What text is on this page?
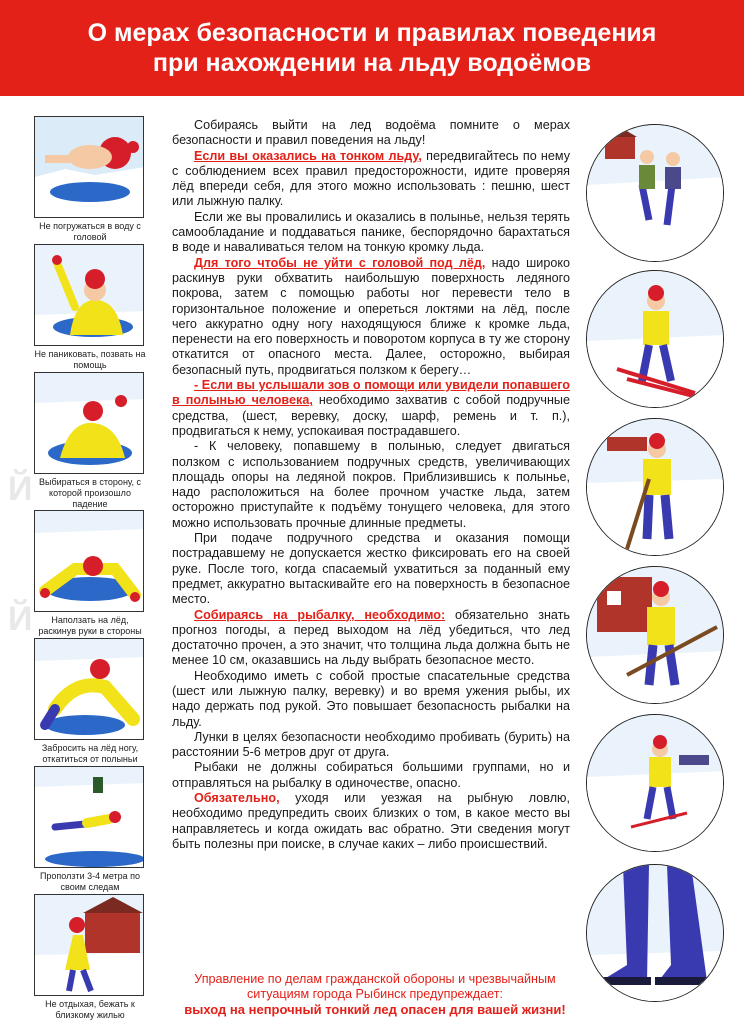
Й
Й
О мерах безопасности и правилах поведения
при нахождении на льду водоёмов
Не погружаться в воду с головой
Не паниковать, позвать на помощь
Выбираться в сторону, с которой произошло падение
Наползать на лёд, раскинув руки в стороны
Забросить на лёд ногу, откатиться от полыньи
Проползти 3-4 метра по своим следам
Не отдыхая, бежать к близкому жилью

Собираясь выйти на лед водоёма помните о мерах безопасности и правил поведения на льду!

Если вы оказались на тонком льду, передвигайтесь по нему с соблюдением всех правил предосторожности, идите проверяя лёд впереди себя, для этого можно использовать : пешню, шест или лыжную палку.

Если же вы провалились и оказались в полынье, нельзя терять самообладание и поддаваться панике, беспорядочно барахтаться в воде и наваливаться телом на тонкую кромку льда.

Для того чтобы не уйти с головой под лёд, надо широко раскинув руки обхватить наибольшую поверхность ледяного покрова, затем с помощью работы ног перевести тело в горизонтальное положение и опереться локтями на лёд, после чего аккуратно одну ногу находящуюся ближе к кромке льда, перенести на его поверхность и поворотом корпуса в ту же сторону откатится от опасного места. Далее, осторожно, выбирая безопасный путь, продвигаться ползком к берегу…

- Если вы услышали зов о помощи или увидели попавшего в полынью человека, необходимо захватив с собой подручные средства, (шест, веревку, доску, шарф, ремень и т. п.), продвигаться к нему, успокаивая пострадавшего.

- К человеку, попавшему в полынью, следует двигаться ползком с использованием подручных средств, увеличивающих площадь опоры на ледяной покров. Приблизившись к полынье, надо расположиться на более прочном участке льда, затем осторожно приступайте к подъёму тонущего человека, для этого можно использовать прочные длинные предметы.

При подаче подручного средства и оказания помощи пострадавшему не допускается жестко фиксировать его на своей руке. После того, когда спасаемый ухватиться за поданный ему предмет, аккуратно вытаскивайте его на поверхность в безопасное место.

Собираясь на рыбалку, необходимо: обязательно знать прогноз погоды, а перед выходом на лёд убедиться, что лед достаточно прочен, а это значит, что толщина льда должна быть не менее 10 см, оказавшись на льду выбрать безопасное место.

Необходимо иметь с собой простые спасательные средства (шест или лыжную палку, веревку) и во время ужения рыбы, их надо держать под рукой. Это повышает безопасность рыбалки на льду.

Лунки в целях безопасности необходимо пробивать (бурить) на расстоянии 5-6 метров друг от друга.

Рыбаки не должны собираться большими группами, но и отправляться на рыбалку в одиночестве, опасно.

Обязательно, уходя или уезжая на рыбную ловлю, необходимо предупредить своих близких о том, в какое место вы направляетесь и когда ожидать вас обратно. Эти сведения могут быть полезны при поиске, в случае каких – либо происшествий.

Управление по делам гражданской обороны и чрезвычайным
ситуациям города Рыбинск предупреждает:
выход на непрочный тонкий лед опасен для вашей жизни!
